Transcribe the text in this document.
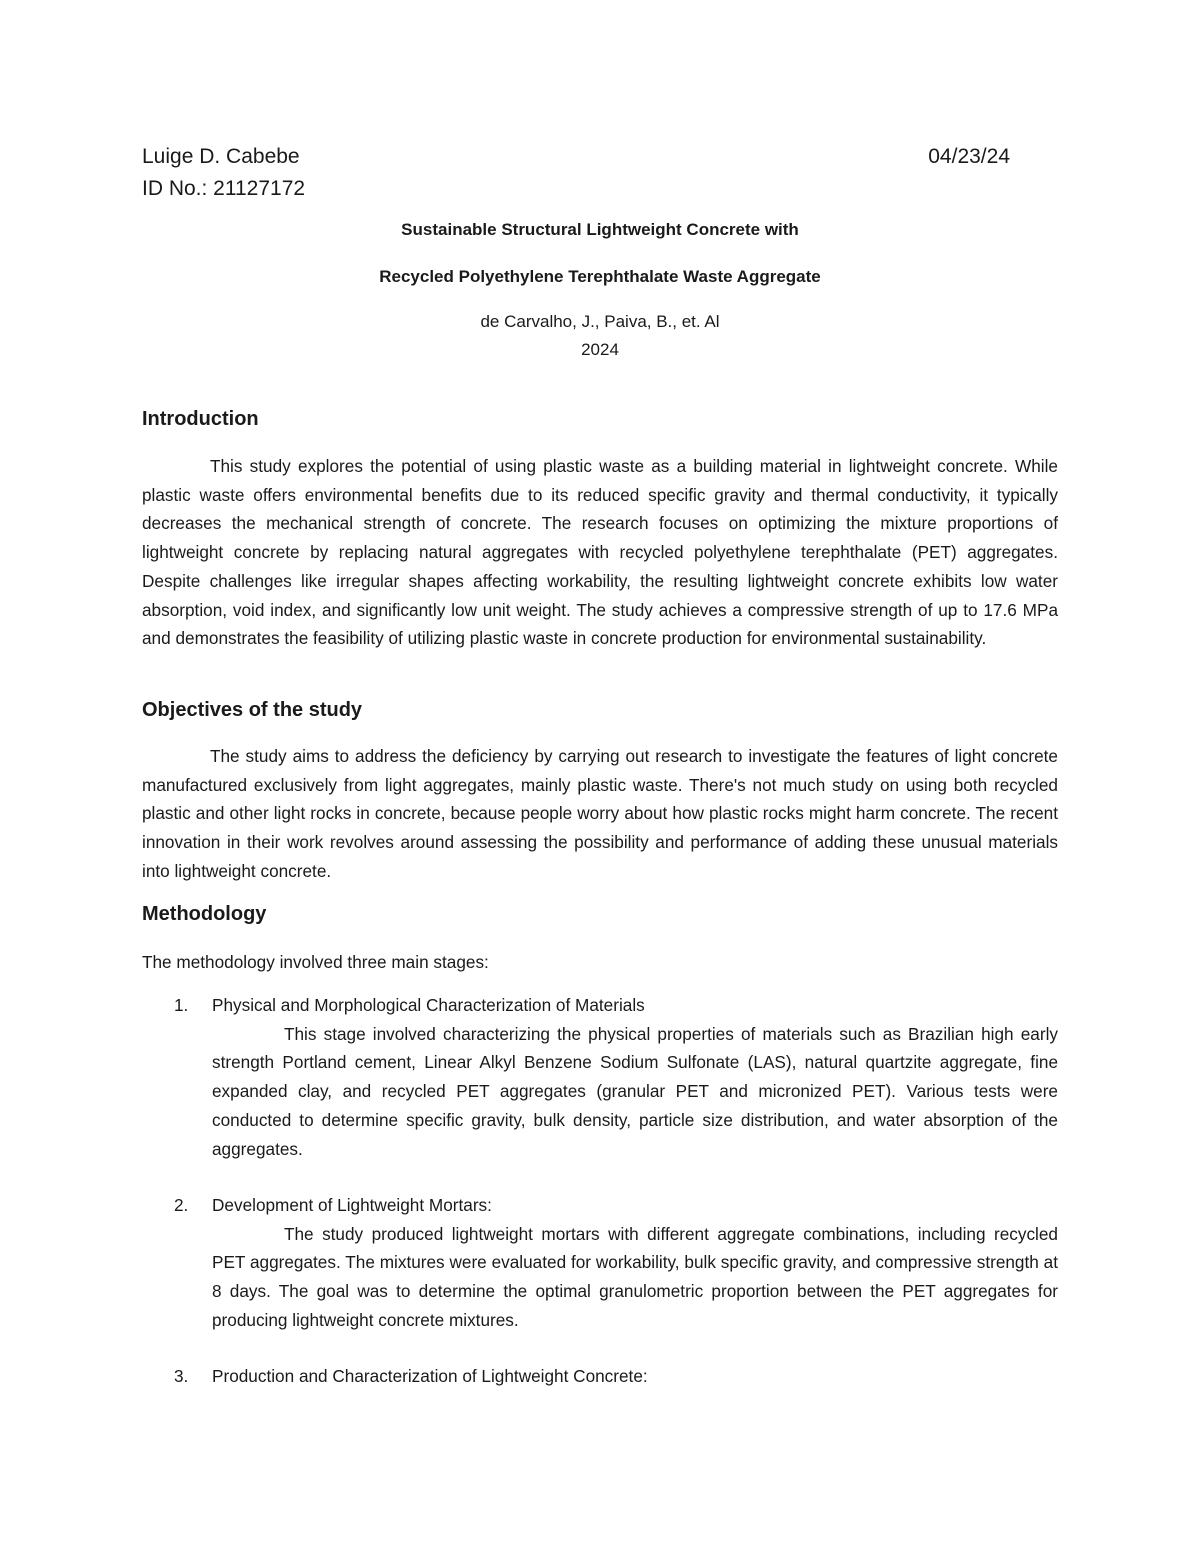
Luige D. Cabebe	04/23/24
ID No.: 21127172
Sustainable Structural Lightweight Concrete with
Recycled Polyethylene Terephthalate Waste Aggregate
de Carvalho, J., Paiva, B., et. Al
2024
Introduction

This study explores the potential of using plastic waste as a building material in lightweight concrete. While plastic waste offers environmental benefits due to its reduced specific gravity and thermal conductivity, it typically decreases the mechanical strength of concrete. The research focuses on optimizing the mixture proportions of lightweight concrete by replacing natural aggregates with recycled polyethylene terephthalate (PET) aggregates. Despite challenges like irregular shapes affecting workability, the resulting lightweight concrete exhibits low water absorption, void index, and significantly low unit weight. The study achieves a compressive strength of up to 17.6 MPa and demonstrates the feasibility of utilizing plastic waste in concrete production for environmental sustainability.

Objectives of the study

The study aims to address the deficiency by carrying out research to investigate the features of light concrete manufactured exclusively from light aggregates, mainly plastic waste. There's not much study on using both recycled plastic and other light rocks in concrete, because people worry about how plastic rocks might harm concrete. The recent innovation in their work revolves around assessing the possibility and performance of adding these unusual materials into lightweight concrete.

Methodology
The methodology involved three main stages:
1.	Physical and Morphological Characterization of Materials

This stage involved characterizing the physical properties of materials such as Brazilian high early strength Portland cement, Linear Alkyl Benzene Sodium Sulfonate (LAS), natural quartzite aggregate, fine expanded clay, and recycled PET aggregates (granular PET and micronized PET). Various tests were conducted to determine specific gravity, bulk density, particle size distribution, and water absorption of the aggregates.

2.	Development of Lightweight Mortars:

The study produced lightweight mortars with different aggregate combinations, including recycled PET aggregates. The mixtures were evaluated for workability, bulk specific gravity, and compressive strength at 8 days. The goal was to determine the optimal granulometric proportion between the PET aggregates for producing lightweight concrete mixtures.

3.	Production and Characterization of Lightweight Concrete:
